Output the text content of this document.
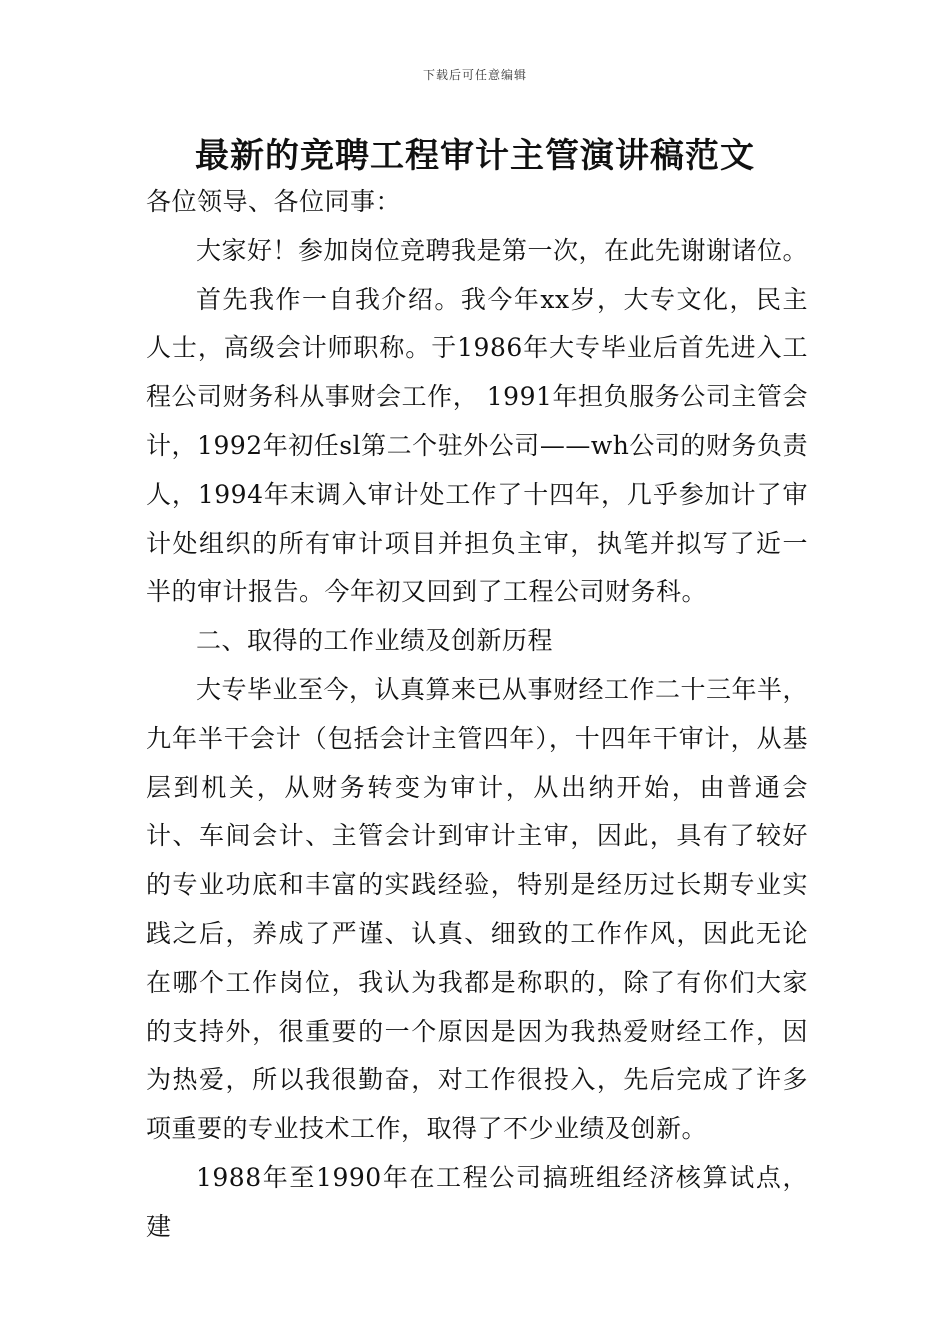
下载后可任意编辑
最新的竞聘工程审计主管演讲稿范文

各位领导、各位同事：

大家好！参加岗位竞聘我是第一次，在此先谢谢诸位。

首先我作一自我介绍。我今年xx岁，大专文化，民主人士，高级会计师职称。于1986年大专毕业后首先进入工程公司财务科从事财会工作， 1991年担负服务公司主管会计，1992年初任sl第二个驻外公司——wh公司的财务负责人，1994年末调入审计处工作了十四年，几乎参加计了审计处组织的所有审计项目并担负主审，执笔并拟写了近一半的审计报告。今年初又回到了工程公司财务科。

二、取得的工作业绩及创新历程

大专毕业至今，认真算来已从事财经工作二十三年半，九年半干会计（包括会计主管四年），十四年干审计，从基层到机关，从财务转变为审计，从出纳开始，由普通会计、车间会计、主管会计到审计主审，因此，具有了较好的专业功底和丰富的实践经验，特别是经历过长期专业实践之后，养成了严谨、认真、细致的工作作风，因此无论在哪个工作岗位，我认为我都是称职的，除了有你们大家的支持外，很重要的一个原因是因为我热爱财经工作，因为热爱，所以我很勤奋，对工作很投入，先后完成了许多项重要的专业技术工作，取得了不少业绩及创新。

1988年至1990年在工程公司搞班组经济核算试点，建
